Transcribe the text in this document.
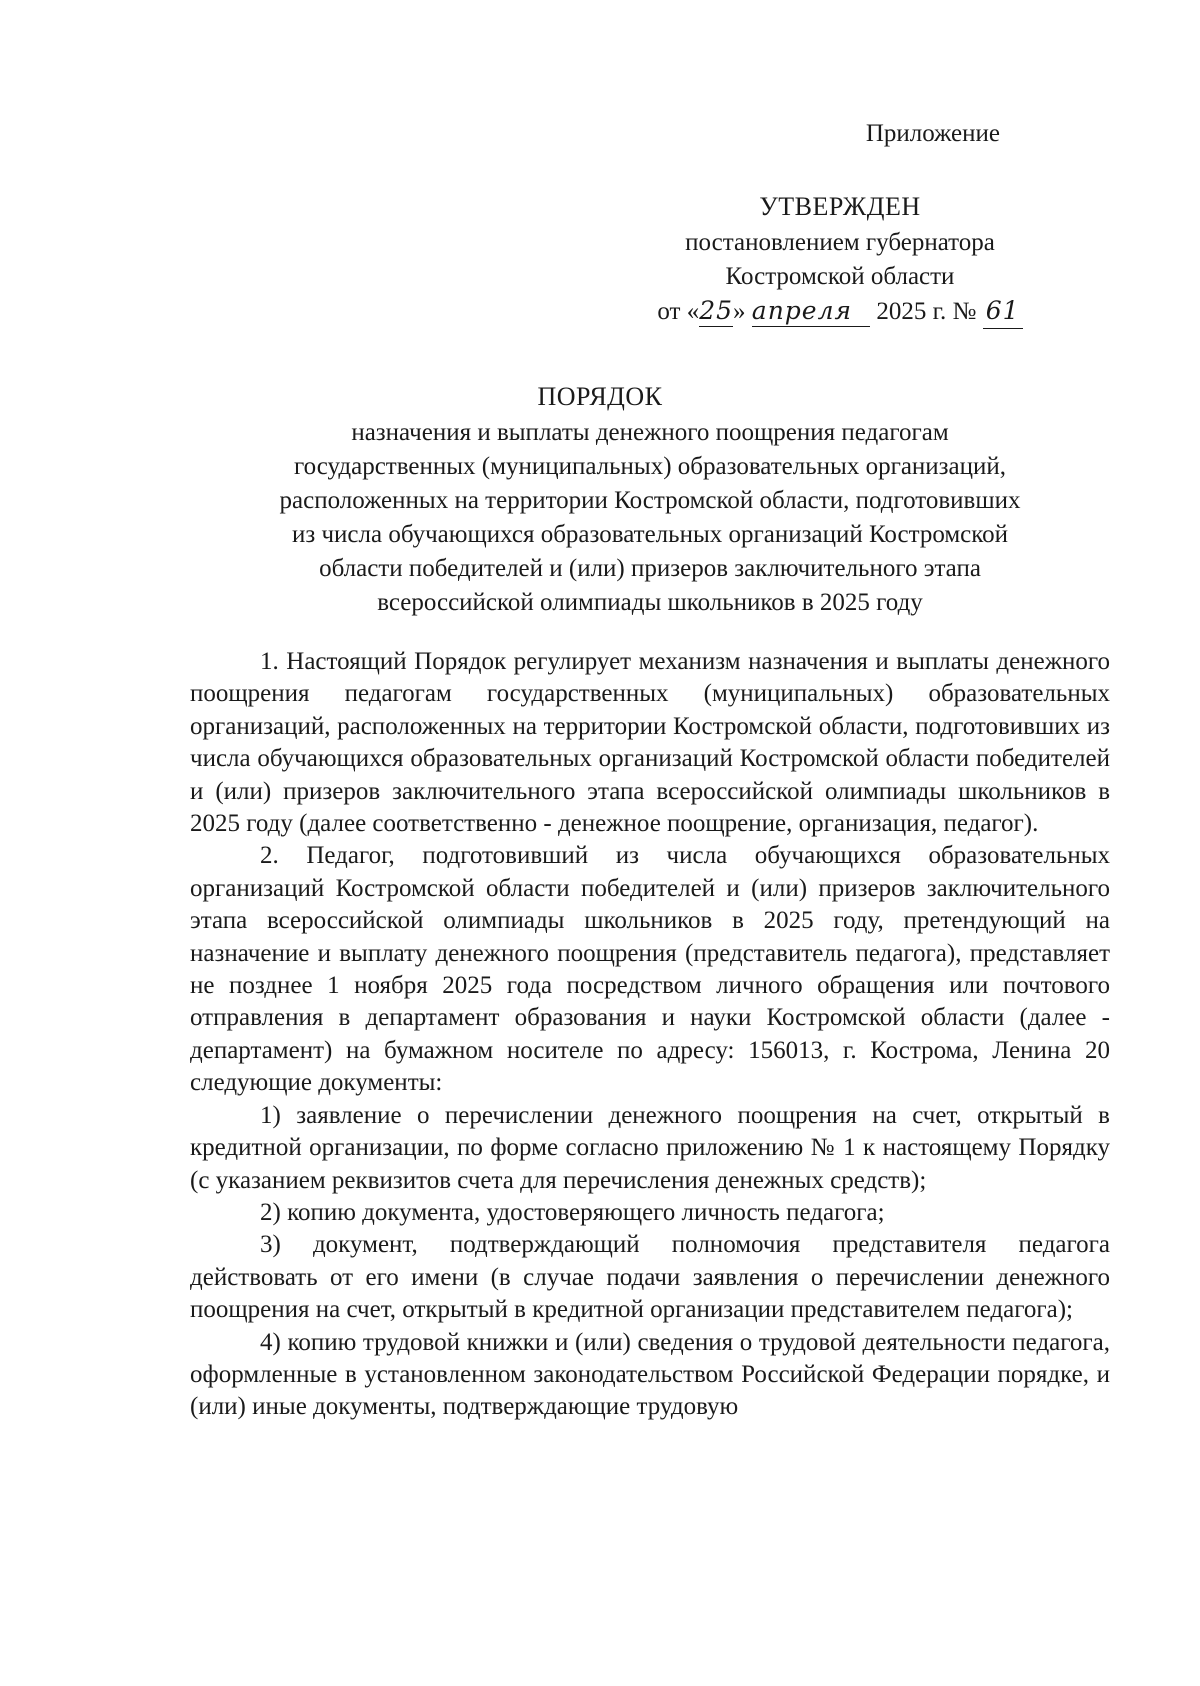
Приложение
УТВЕРЖДЕН
постановлением губернатора
Костромской области
от «25» апреля 2025 г. № 61
ПОРЯДОК
назначения и выплаты денежного поощрения педагогам
государственных (муниципальных) образовательных организаций,
расположенных на территории Костромской области, подготовивших
из числа обучающихся образовательных организаций Костромской
области победителей и (или) призеров заключительного этапа
всероссийской олимпиады школьников в 2025 году

1. Настоящий Порядок регулирует механизм назначения и выплаты денежного поощрения педагогам государственных (муниципальных) образовательных организаций, расположенных на территории Костромской области, подготовивших из числа обучающихся образовательных организаций Костромской области победителей и (или) призеров заключительного этапа всероссийской олимпиады школьников в 2025 году (далее соответственно - денежное поощрение, организация, педагог).

2. Педагог, подготовивший из числа обучающихся образовательных организаций Костромской области победителей и (или) призеров заключительного этапа всероссийской олимпиады школьников в 2025 году, претендующий на назначение и выплату денежного поощрения (представитель педагога), представляет не позднее 1 ноября 2025 года посредством личного обращения или почтового отправления в департамент образования и науки Костромской области (далее - департамент) на бумажном носителе по адресу: 156013, г. Кострома, Ленина 20 следующие документы:

1) заявление о перечислении денежного поощрения на счет, открытый в кредитной организации, по форме согласно приложению № 1 к настоящему Порядку (с указанием реквизитов счета для перечисления денежных средств);

2) копию документа, удостоверяющего личность педагога;

3) документ, подтверждающий полномочия представителя педагога действовать от его имени (в случае подачи заявления о перечислении денежного поощрения на счет, открытый в кредитной организации представителем педагога);

4) копию трудовой книжки и (или) сведения о трудовой деятельности педагога, оформленные в установленном законодательством Российской Федерации порядке, и (или) иные документы, подтверждающие трудовую
